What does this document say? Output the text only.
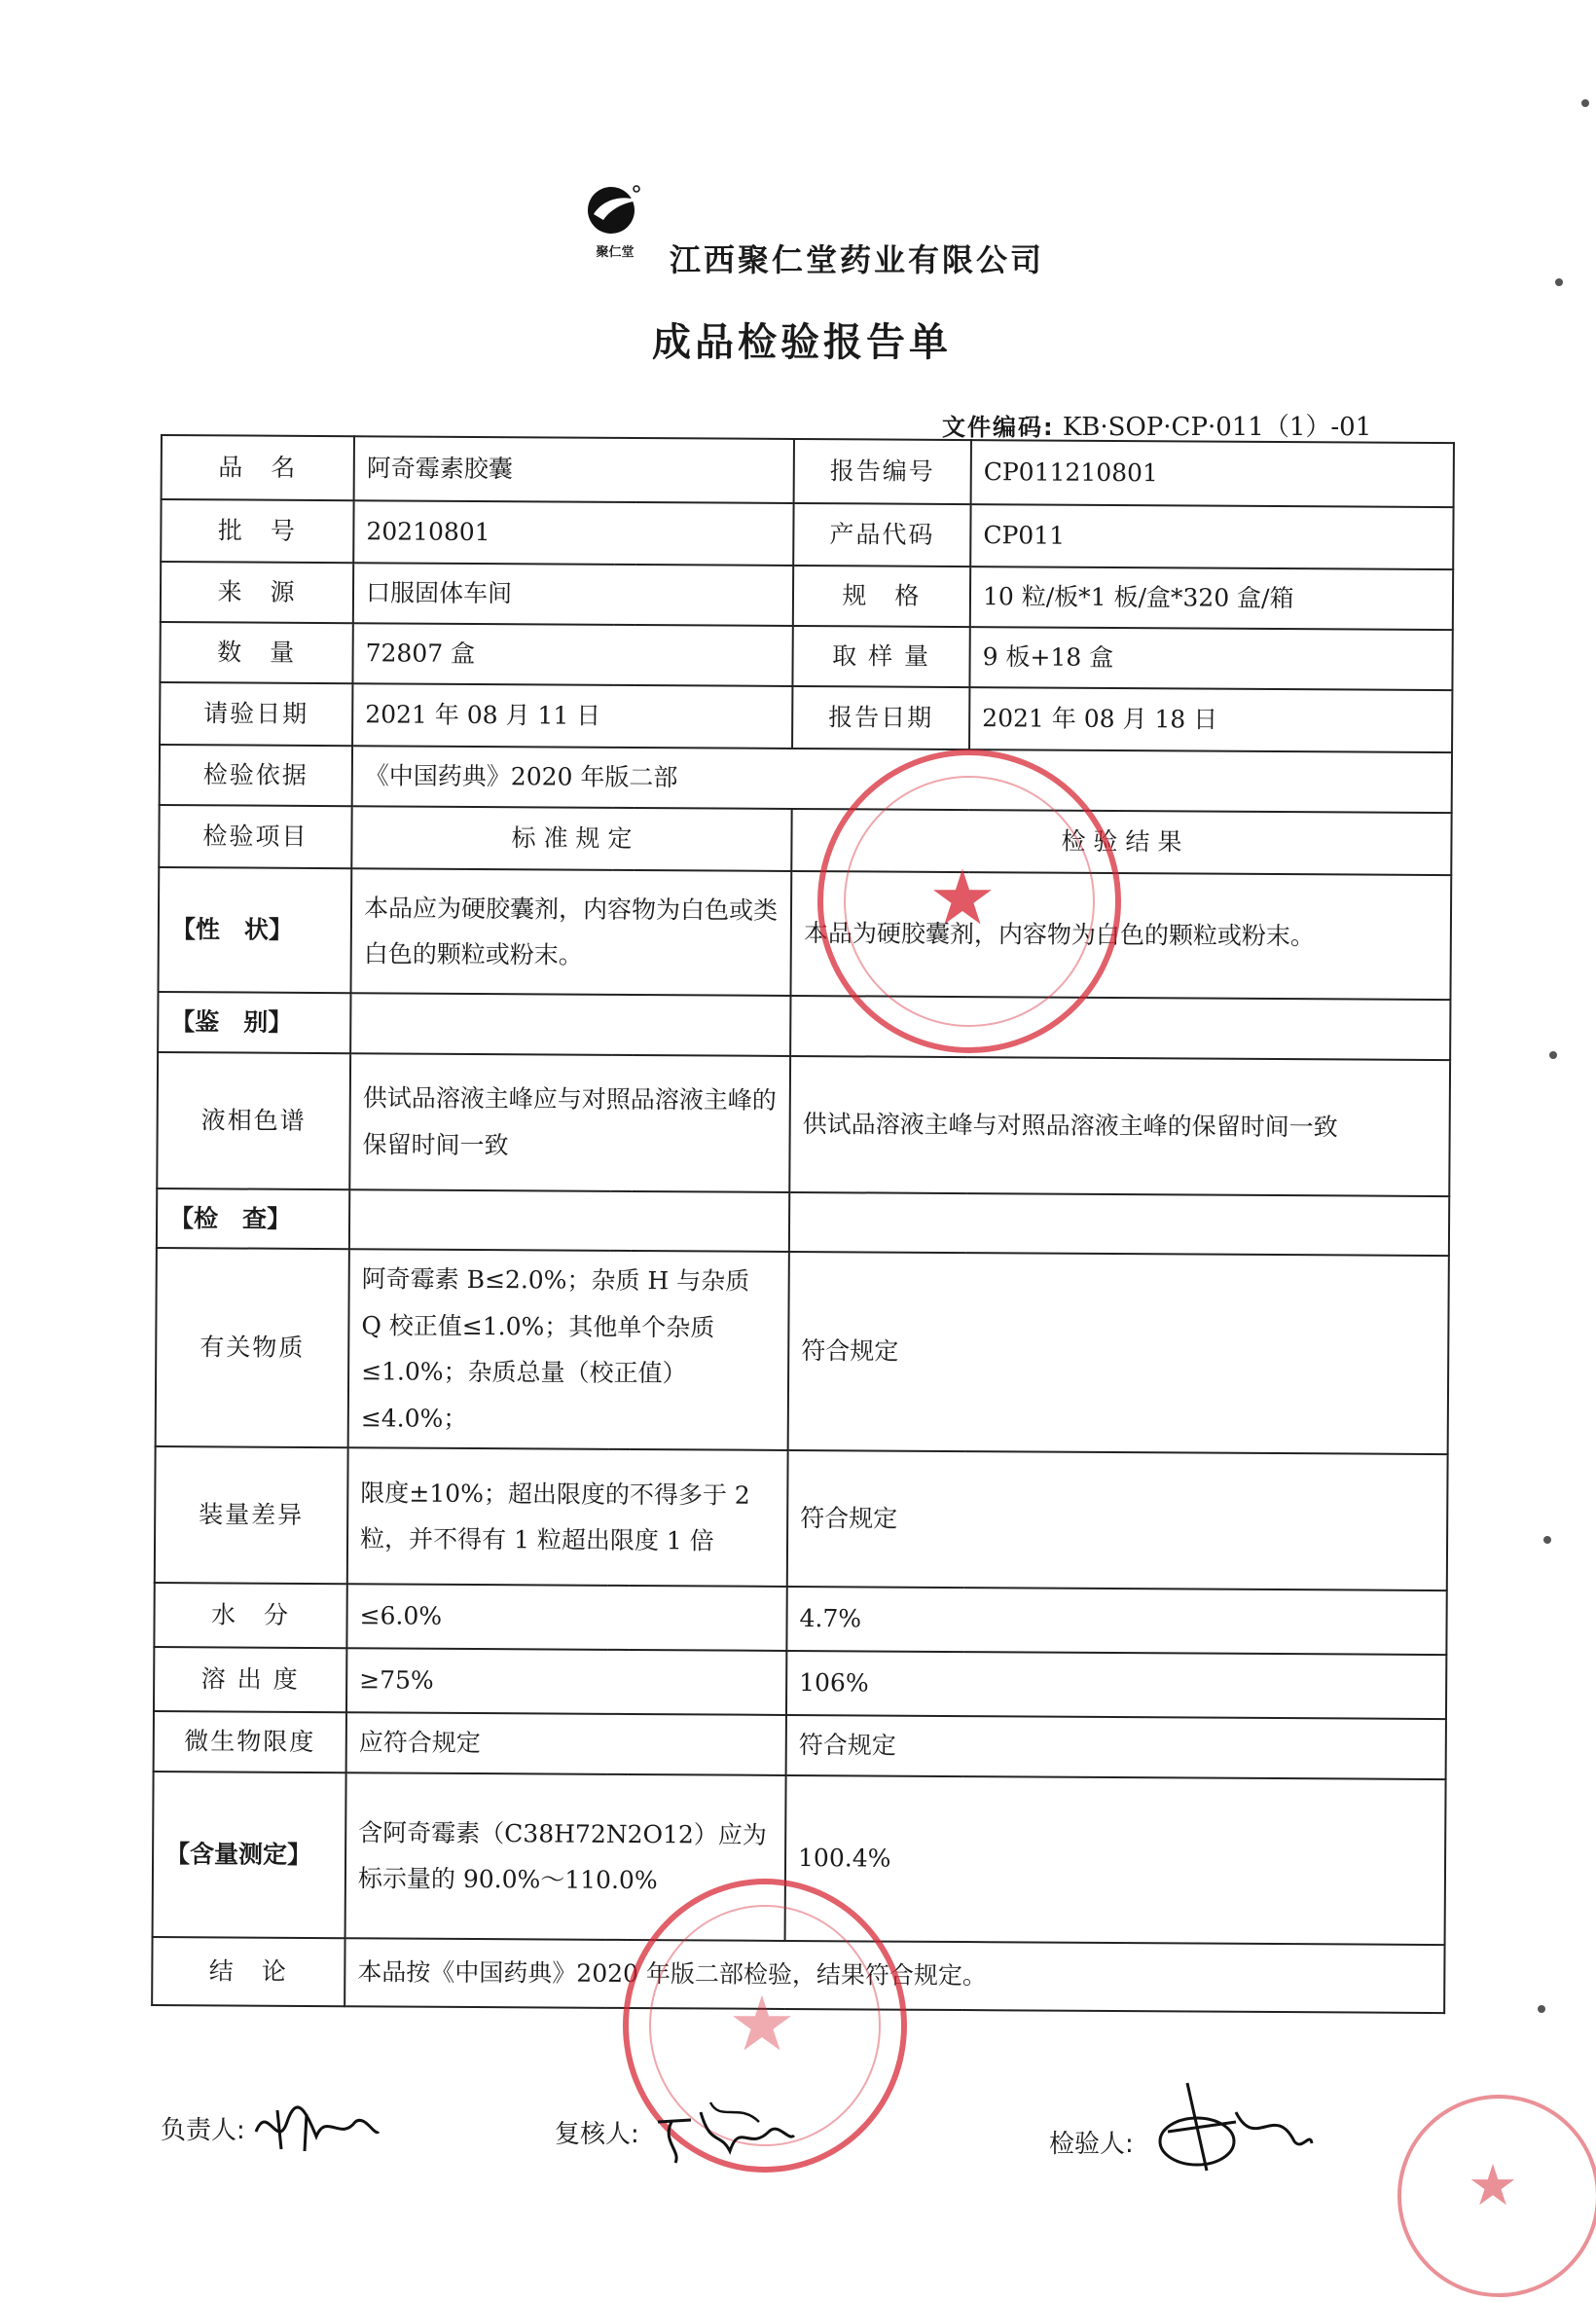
聚仁堂	江西聚仁堂药业有限公司
成品检验报告单
文件编码: KB·SOP·CP·011（1）-01
品　名	阿奇霉素胶囊	报告编号	CP011210801
批　号	20210801	产品代码	CP011
来　源	口服固体车间	规　格	10 粒/板*1 板/盒*320 盒/箱
数　量	72807 盒	取 样 量	9 板+18 盒
请验日期	2021 年 08 月 11 日	报告日期	2021 年 08 月 18 日
检验依据	《中国药典》2020 年版二部		
检验项目	标 准 规 定	检 验 结 果	
【性　状】	本品应为硬胶囊剂，内容物为白色或类白色的颗粒或粉末。	本品为硬胶囊剂，内容物为白色的颗粒或粉末。	
【鉴　别】			
液相色谱	供试品溶液主峰应与对照品溶液主峰的保留时间一致	供试品溶液主峰与对照品溶液主峰的保留时间一致	
【检　查】			
有关物质	阿奇霉素 B≤2.0%；杂质 H 与杂质 Q 校正值≤1.0%；其他单个杂质≤1.0%；杂质总量（校正值）≤4.0%；	符合规定	
装量差异	限度±10%；超出限度的不得多于 2 粒，并不得有 1 粒超出限度 1 倍	符合规定	
水　分	≤6.0%	4.7%	
溶 出 度	≥75%	106%	
微生物限度	应符合规定	符合规定	
【含量测定】	含阿奇霉素（C38H72N2O12）应为标示量的 90.0%～110.0%	100.4%	
结　论	本品按《中国药典》2020 年版二部检验，结果符合规定。		
★
★
★
负责人:	复核人:	检验人:
